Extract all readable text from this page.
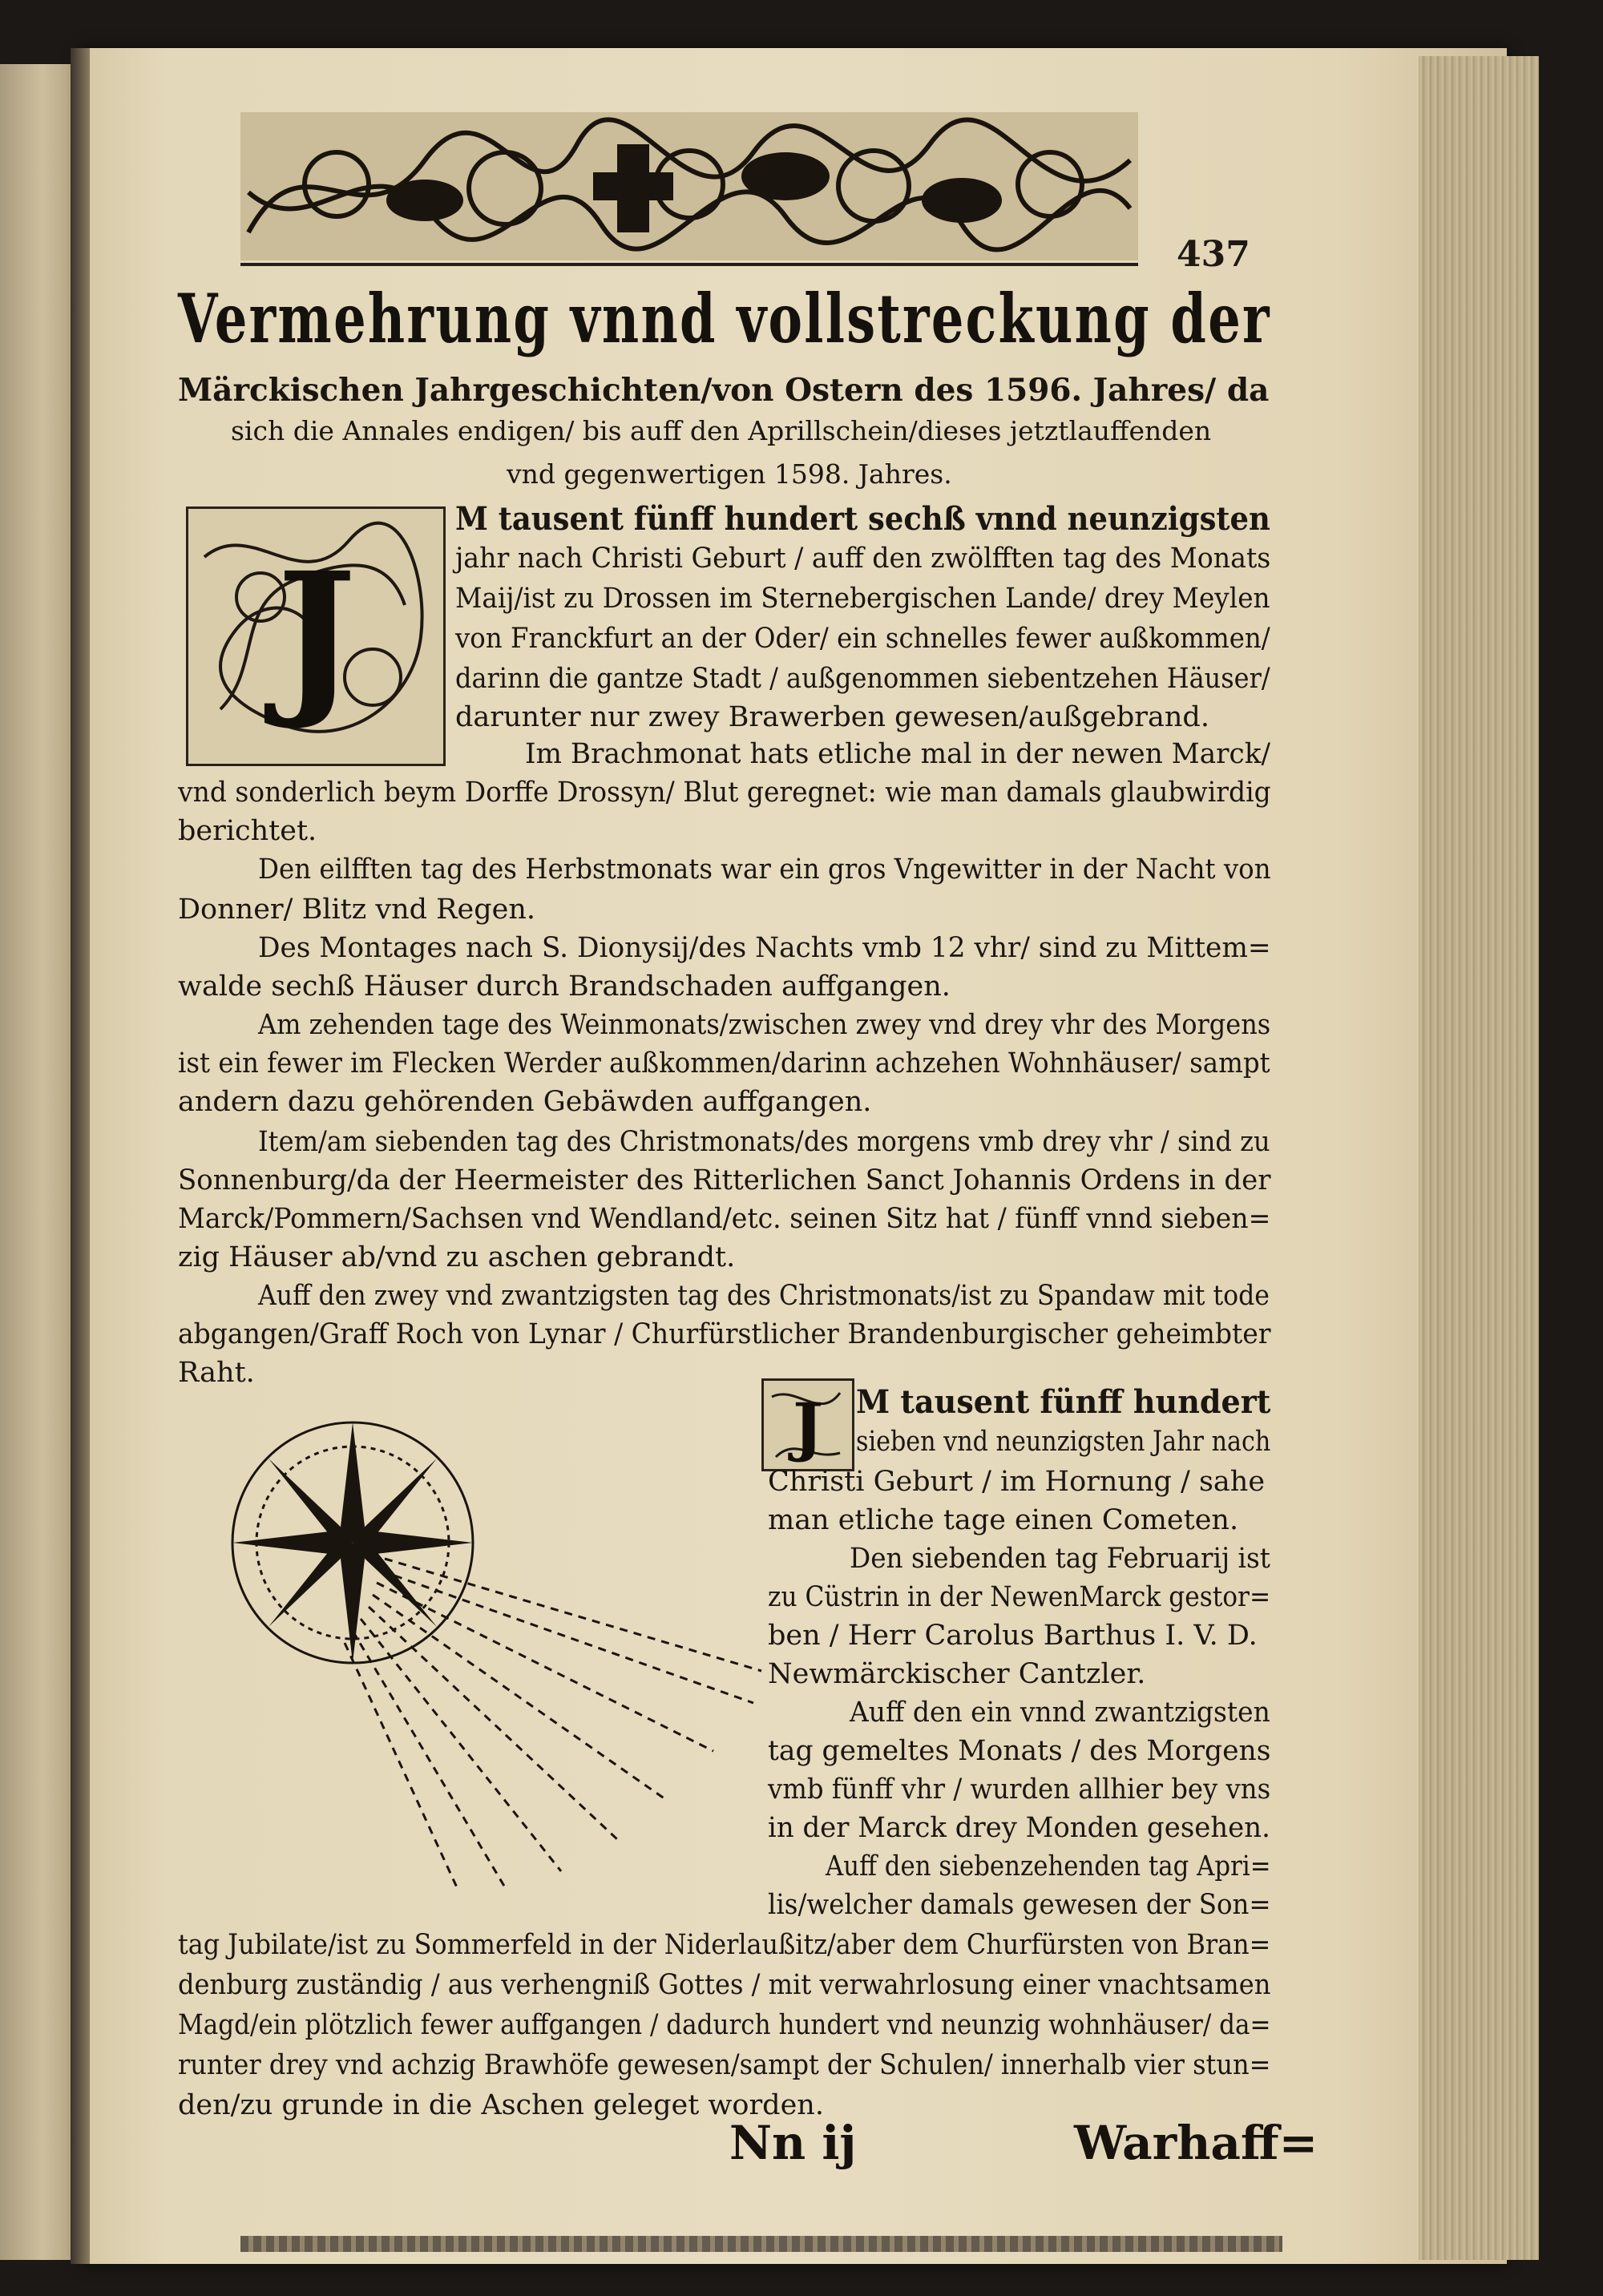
437
Vermehrung vnnd vollstreckung der
Märckischen Jahrgeschichten/von Ostern des 1596. Jahres/ da
sich die Annales endigen/ bis auff den Aprillschein/dieses jetztlauffenden
vnd gegenwertigen 1598. Jahres.
J
M tausent fünff hundert sechß vnnd neunzigsten
jahr nach Christi Geburt / auff den zwölfften tag des Monats
Maij/ist zu Drossen im Sternebergischen Lande/ drey Meylen
von Franckfurt an der Oder/ ein schnelles fewer außkommen/
darinn die gantze Stadt / außgenommen siebentzehen Häuser/
darunter nur zwey Brawerben gewesen/außgebrand.
Im Brachmonat hats etliche mal in der newen Marck/
vnd sonderlich beym Dorffe Drossyn/ Blut geregnet: wie man damals glaubwirdig
berichtet.
Den eilfften tag des Herbstmonats war ein gros Vngewitter in der Nacht von
Donner/ Blitz vnd Regen.
Des Montages nach S. Dionysij/des Nachts vmb 12 vhr/ sind zu Mittem=
walde sechß Häuser durch Brandschaden auffgangen.
Am zehenden tage des Weinmonats/zwischen zwey vnd drey vhr des Morgens
ist ein fewer im Flecken Werder außkommen/darinn achzehen Wohnhäuser/ sampt
andern dazu gehörenden Gebäwden auffgangen.
Item/am siebenden tag des Christmonats/des morgens vmb drey vhr / sind zu
Sonnenburg/da der Heermeister des Ritterlichen Sanct Johannis Ordens in der
Marck/Pommern/Sachsen vnd Wendland/etc. seinen Sitz hat / fünff vnnd sieben=
zig Häuser ab/vnd zu aschen gebrandt.
Auff den zwey vnd zwantzigsten tag des Christmonats/ist zu Spandaw mit tode
abgangen/Graff Roch von Lynar / Churfürstlicher Brandenburgischer geheimbter
Raht.
J M tausent fünff hundert
sieben vnd neunzigsten Jahr nach
Christi Geburt / im Hornung / sahe
man etliche tage einen Cometen.
Den siebenden tag Februarij ist
zu Cüstrin in der NewenMarck gestor=
ben / Herr Carolus Barthus I. V. D.
Newmärckischer Cantzler.
Auff den ein vnnd zwantzigsten
tag gemeltes Monats / des Morgens
vmb fünff vhr / wurden allhier bey vns
in der Marck drey Monden gesehen.
Auff den siebenzehenden tag Apri=
lis/welcher damals gewesen der Son=
tag Jubilate/ist zu Sommerfeld in der Niderlaußitz/aber dem Churfürsten von Bran=
denburg zuständig / aus verhengniß Gottes / mit verwahrlosung einer vnachtsamen
Magd/ein plötzlich fewer auffgangen / dadurch hundert vnd neunzig wohnhäuser/ da=
runter drey vnd achzig Brawhöfe gewesen/sampt der Schulen/ innerhalb vier stun=
den/zu grunde in die Aschen geleget worden.
Nn ij	Warhaff=
